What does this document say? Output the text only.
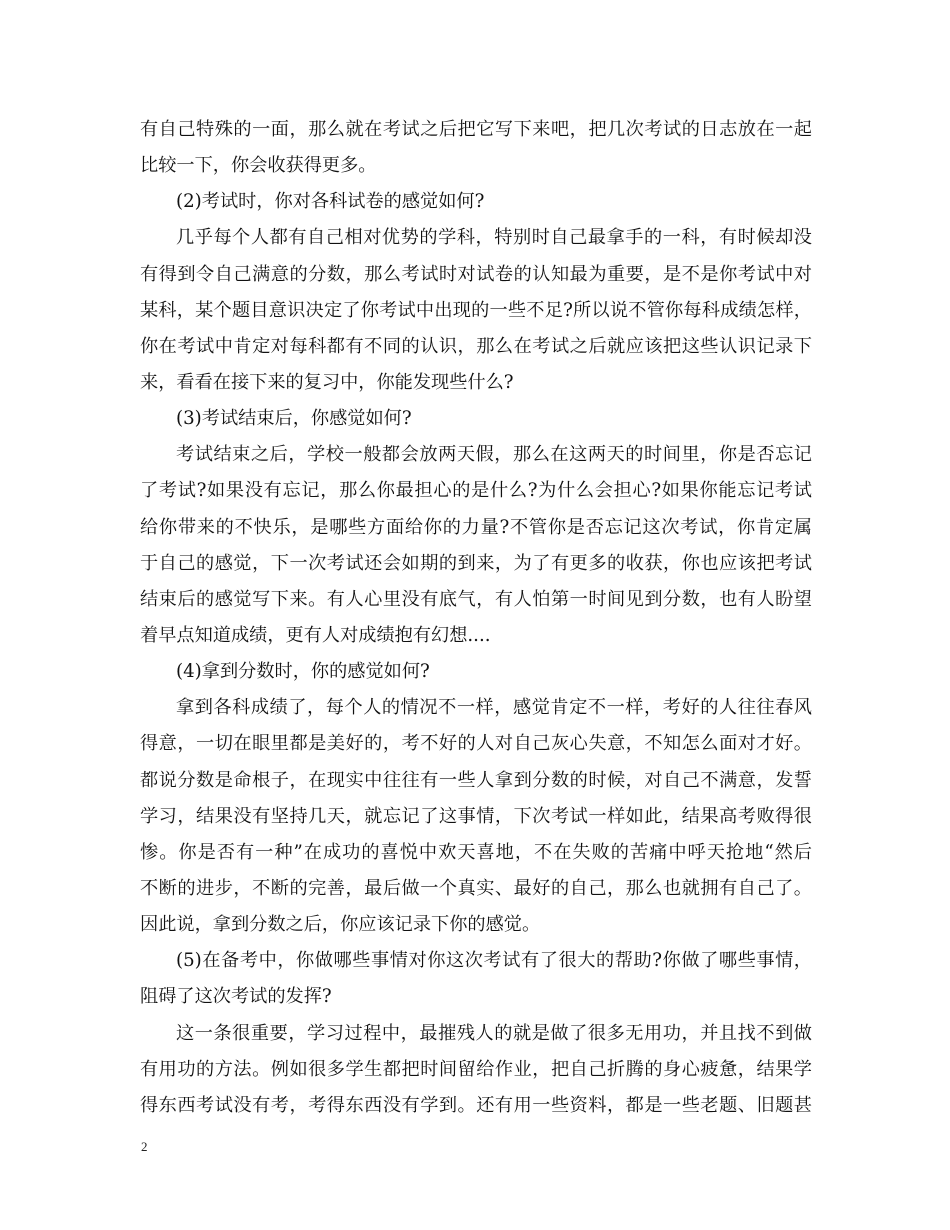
有自己特殊的一面，那么就在考试之后把它写下来吧，把几次考试的日志放在一起
比较一下，你会收获得更多。
(2)考试时，你对各科试卷的感觉如何?
几乎每个人都有自己相对优势的学科，特别时自己最拿手的一科，有时候却没
有得到令自己满意的分数，那么考试时对试卷的认知最为重要，是不是你考试中对
某科，某个题目意识决定了你考试中出现的一些不足?所以说不管你每科成绩怎样，
你在考试中肯定对每科都有不同的认识，那么在考试之后就应该把这些认识记录下
来，看看在接下来的复习中，你能发现些什么?
(3)考试结束后，你感觉如何?
考试结束之后，学校一般都会放两天假，那么在这两天的时间里，你是否忘记
了考试?如果没有忘记，那么你最担心的是什么?为什么会担心?如果你能忘记考试
给你带来的不快乐，是哪些方面给你的力量?不管你是否忘记这次考试，你肯定属
于自己的感觉，下一次考试还会如期的到来，为了有更多的收获，你也应该把考试
结束后的感觉写下来。有人心里没有底气，有人怕第一时间见到分数，也有人盼望
着早点知道成绩，更有人对成绩抱有幻想....
(4)拿到分数时，你的感觉如何?
拿到各科成绩了，每个人的情况不一样，感觉肯定不一样，考好的人往往春风
得意，一切在眼里都是美好的，考不好的人对自己灰心失意，不知怎么面对才好。
都说分数是命根子，在现实中往往有一些人拿到分数的时候，对自己不满意，发誓
学习，结果没有坚持几天，就忘记了这事情，下次考试一样如此，结果高考败得很
惨。你是否有一种”在成功的喜悦中欢天喜地，不在失败的苦痛中呼天抢地“然后
不断的进步，不断的完善，最后做一个真实、最好的自己，那么也就拥有自己了。
因此说，拿到分数之后，你应该记录下你的感觉。
(5)在备考中，你做哪些事情对你这次考试有了很大的帮助?你做了哪些事情，
阻碍了这次考试的发挥?
这一条很重要，学习过程中，最摧残人的就是做了很多无用功，并且找不到做
有用功的方法。例如很多学生都把时间留给作业，把自己折腾的身心疲惫，结果学
得东西考试没有考，考得东西没有学到。还有用一些资料，都是一些老题、旧题甚
2
